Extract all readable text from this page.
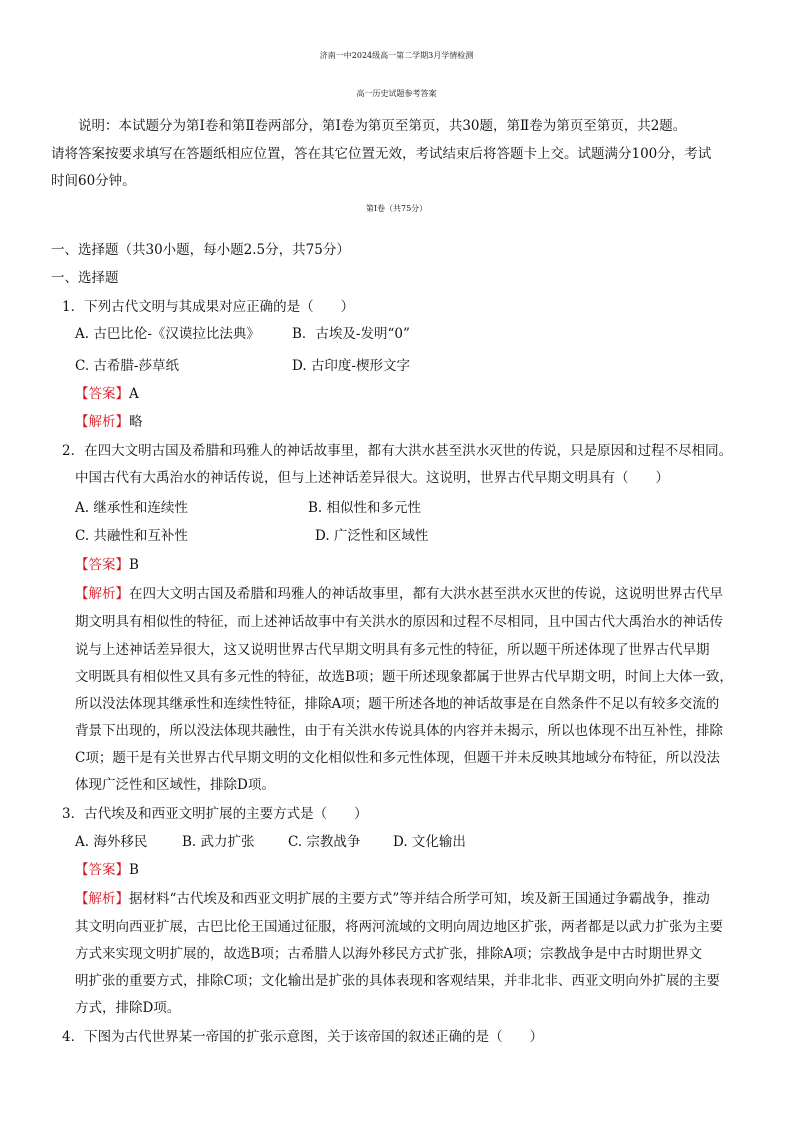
济南一中2024级高一第二学期3月学情检测
高一历史试题参考答案
说明：本试题分为第Ⅰ卷和第Ⅱ卷两部分，第Ⅰ卷为第页至第页，共30题，第Ⅱ卷为第页至第页，共2题。
请将答案按要求填写在答题纸相应位置，答在其它位置无效，考试结束后将答题卡上交。试题满分100分，考试
时间60分钟。
第Ⅰ卷（共75分）
一、选择题（共30小题，每小题2.5分，共75分）
一、选择题
1．下列古代文明与其成果对应正确的是（　　）
A. 古巴比伦-《汉谟拉比法典》 B．古埃及-发明“0”
C. 古希腊-莎草纸	D. 古印度-楔形文字
【答案】A
【解析】略
2．在四大文明古国及希腊和玛雅人的神话故事里，都有大洪水甚至洪水灭世的传说，只是原因和过程不尽相同。
中国古代有大禹治水的神话传说，但与上述神话差异很大。这说明，世界古代早期文明具有（　　）
A. 继承性和连续性	B. 相似性和多元性
C. 共融性和互补性	D. 广泛性和区域性
【答案】B
【解析】在四大文明古国及希腊和玛雅人的神话故事里，都有大洪水甚至洪水灭世的传说，这说明世界古代早
期文明具有相似性的特征，而上述神话故事中有关洪水的原因和过程不尽相同，且中国古代大禹治水的神话传
说与上述神话差异很大，这又说明世界古代早期文明具有多元性的特征，所以题干所述体现了世界古代早期
文明既具有相似性又具有多元性的特征，故选B项；题干所述现象都属于世界古代早期文明，时间上大体一致，
所以没法体现其继承性和连续性特征，排除A项；题干所述各地的神话故事是在自然条件不足以有较多交流的
背景下出现的，所以没法体现共融性，由于有关洪水传说具体的内容并未揭示，所以也体现不出互补性，排除
C项；题干是有关世界古代早期文明的文化相似性和多元性体现，但题干并未反映其地域分布特征，所以没法
体现广泛性和区域性，排除D项。
3．古代埃及和西亚文明扩展的主要方式是（　　）
A. 海外移民	B. 武力扩张 C. 宗教战争 D. 文化输出
【答案】B
【解析】据材料“古代埃及和西亚文明扩展的主要方式”等并结合所学可知，埃及新王国通过争霸战争，推动
其文明向西亚扩展，古巴比伦王国通过征服，将两河流域的文明向周边地区扩张，两者都是以武力扩张为主要
方式来实现文明扩展的，故选B项；古希腊人以海外移民方式扩张，排除A项；宗教战争是中古时期世界文
明扩张的重要方式，排除C项；文化输出是扩张的具体表现和客观结果，并非北非、西亚文明向外扩展的主要
方式，排除D项。
4．下图为古代世界某一帝国的扩张示意图，关于该帝国的叙述正确的是（　　）
